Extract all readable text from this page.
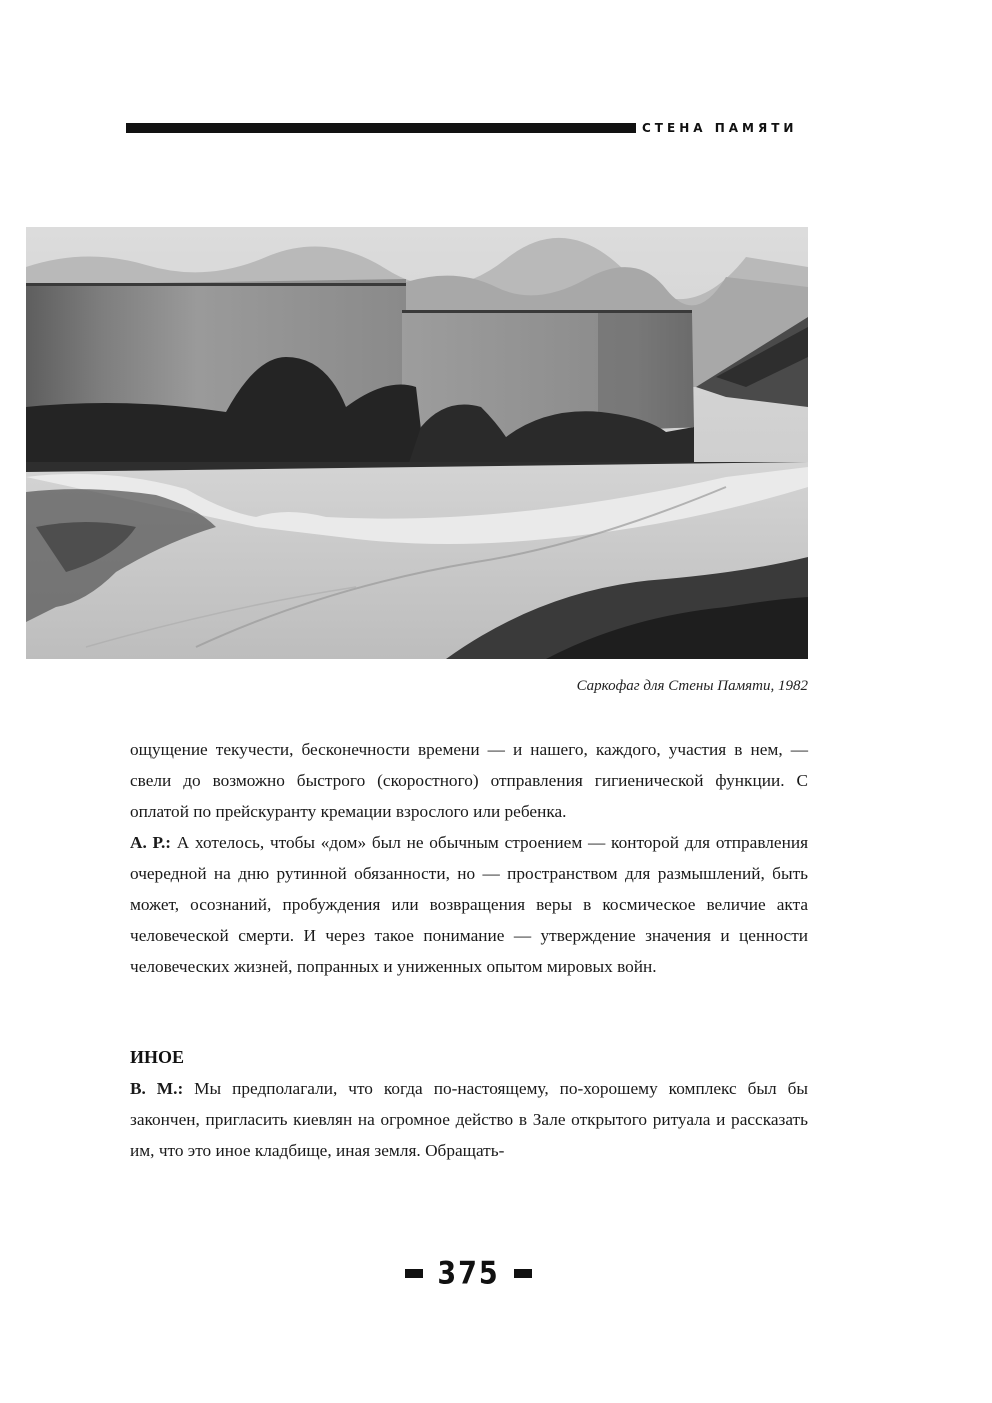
СТЕНА ПАМЯТИ
Саркофаг для Стены Памяти, 1982

ощущение текучести, бесконечности времени — и нашего, каждого, участия в нем, — свели до возможно быстрого (скоростного) отправления гигиенической функции. С оплатой по прейскуранту кремации взрослого или ребенка.

А. Р.: А хотелось, чтобы «дом» был не обычным строением — конторой для отправления очередной на дню рутинной обязанности, но — пространством для размышлений, быть может, осознаний, пробуждения или возвращения веры в космическое величие акта человеческой смерти. И через такое понимание — утверждение значения и ценности человеческих жизней, попранных и униженных опытом мировых войн.

ИНОЕ

В. М.: Мы предполагали, что когда по-настоящему, по-хорошему комплекс был бы закончен, пригласить киевлян на огромное действо в Зале открытого ритуала и рассказать им, что это иное кладбище, иная земля. Обращать-

375
